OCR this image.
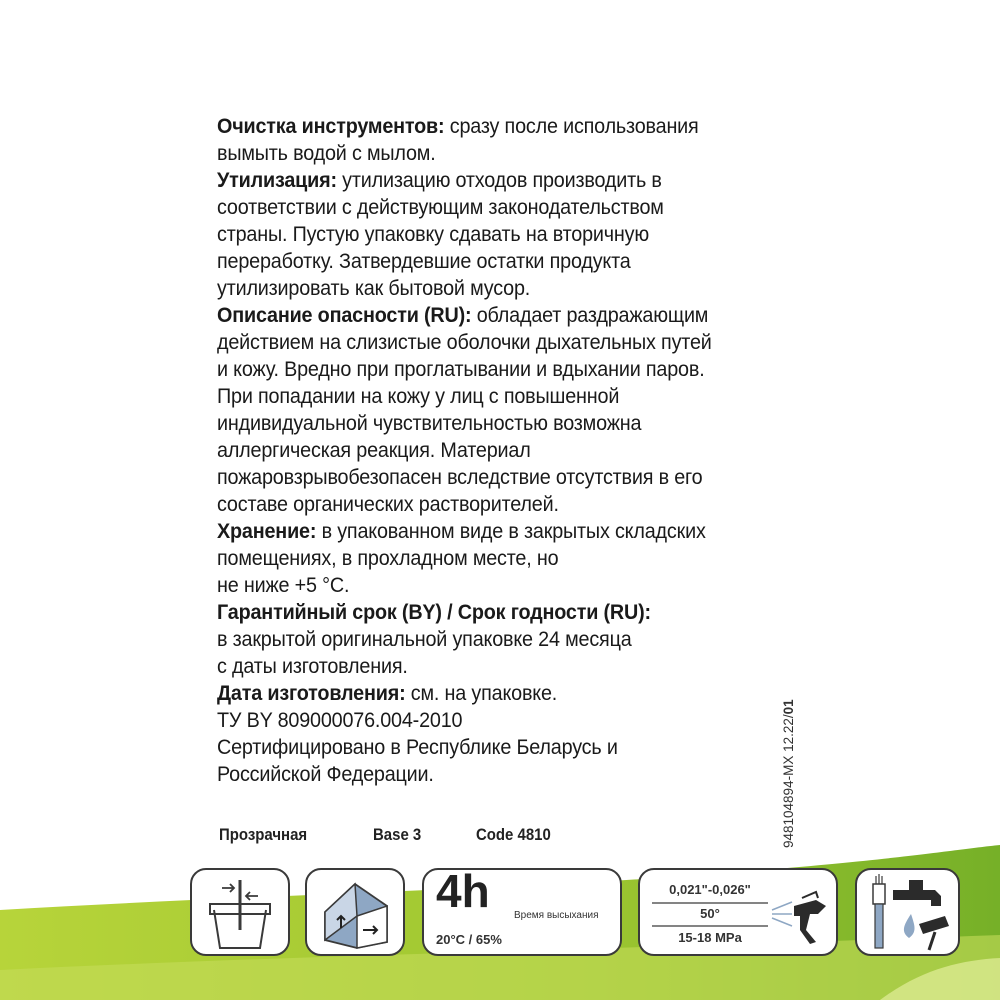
Очистка инструментов: сразу после использования
вымыть водой с мылом.

Утилизация: утилизацию отходов производить в
соответствии с действующим законодательством
страны. Пустую упаковку сдавать на вторичную
переработку. Затвердевшие остатки продукта
утилизировать как бытовой мусор.

Описание опасности (RU): обладает раздражающим
действием на слизистые оболочки дыхательных путей
и кожу. Вредно при проглатывании и вдыхании паров.
При попадании на кожу у лиц с повышенной
индивидуальной чувствительностью возможна
аллергическая реакция. Материал
пожаровзрывобезопасен вследствие отсутствия в его
составе органических растворителей.

Хранение: в упакованном виде в закрытых складских
помещениях, в прохладном месте, но
не ниже +5 °С.

Гарантийный срок (BY) / Срок годности (RU):
в закрытой оригинальной упаковке 24 месяца
с даты изготовления.

Дата изготовления: см. на упаковке.

ТУ BY 809000076.004-2010

Сертифицировано в Республике Беларусь и

Российской Федерации.

Прозрачная	Base 3	Code 4810	948104894-MX 12.22/01
4h Время высыхания
20°C / 65%
0,021"-0,026"
50°
15-18 MPa
